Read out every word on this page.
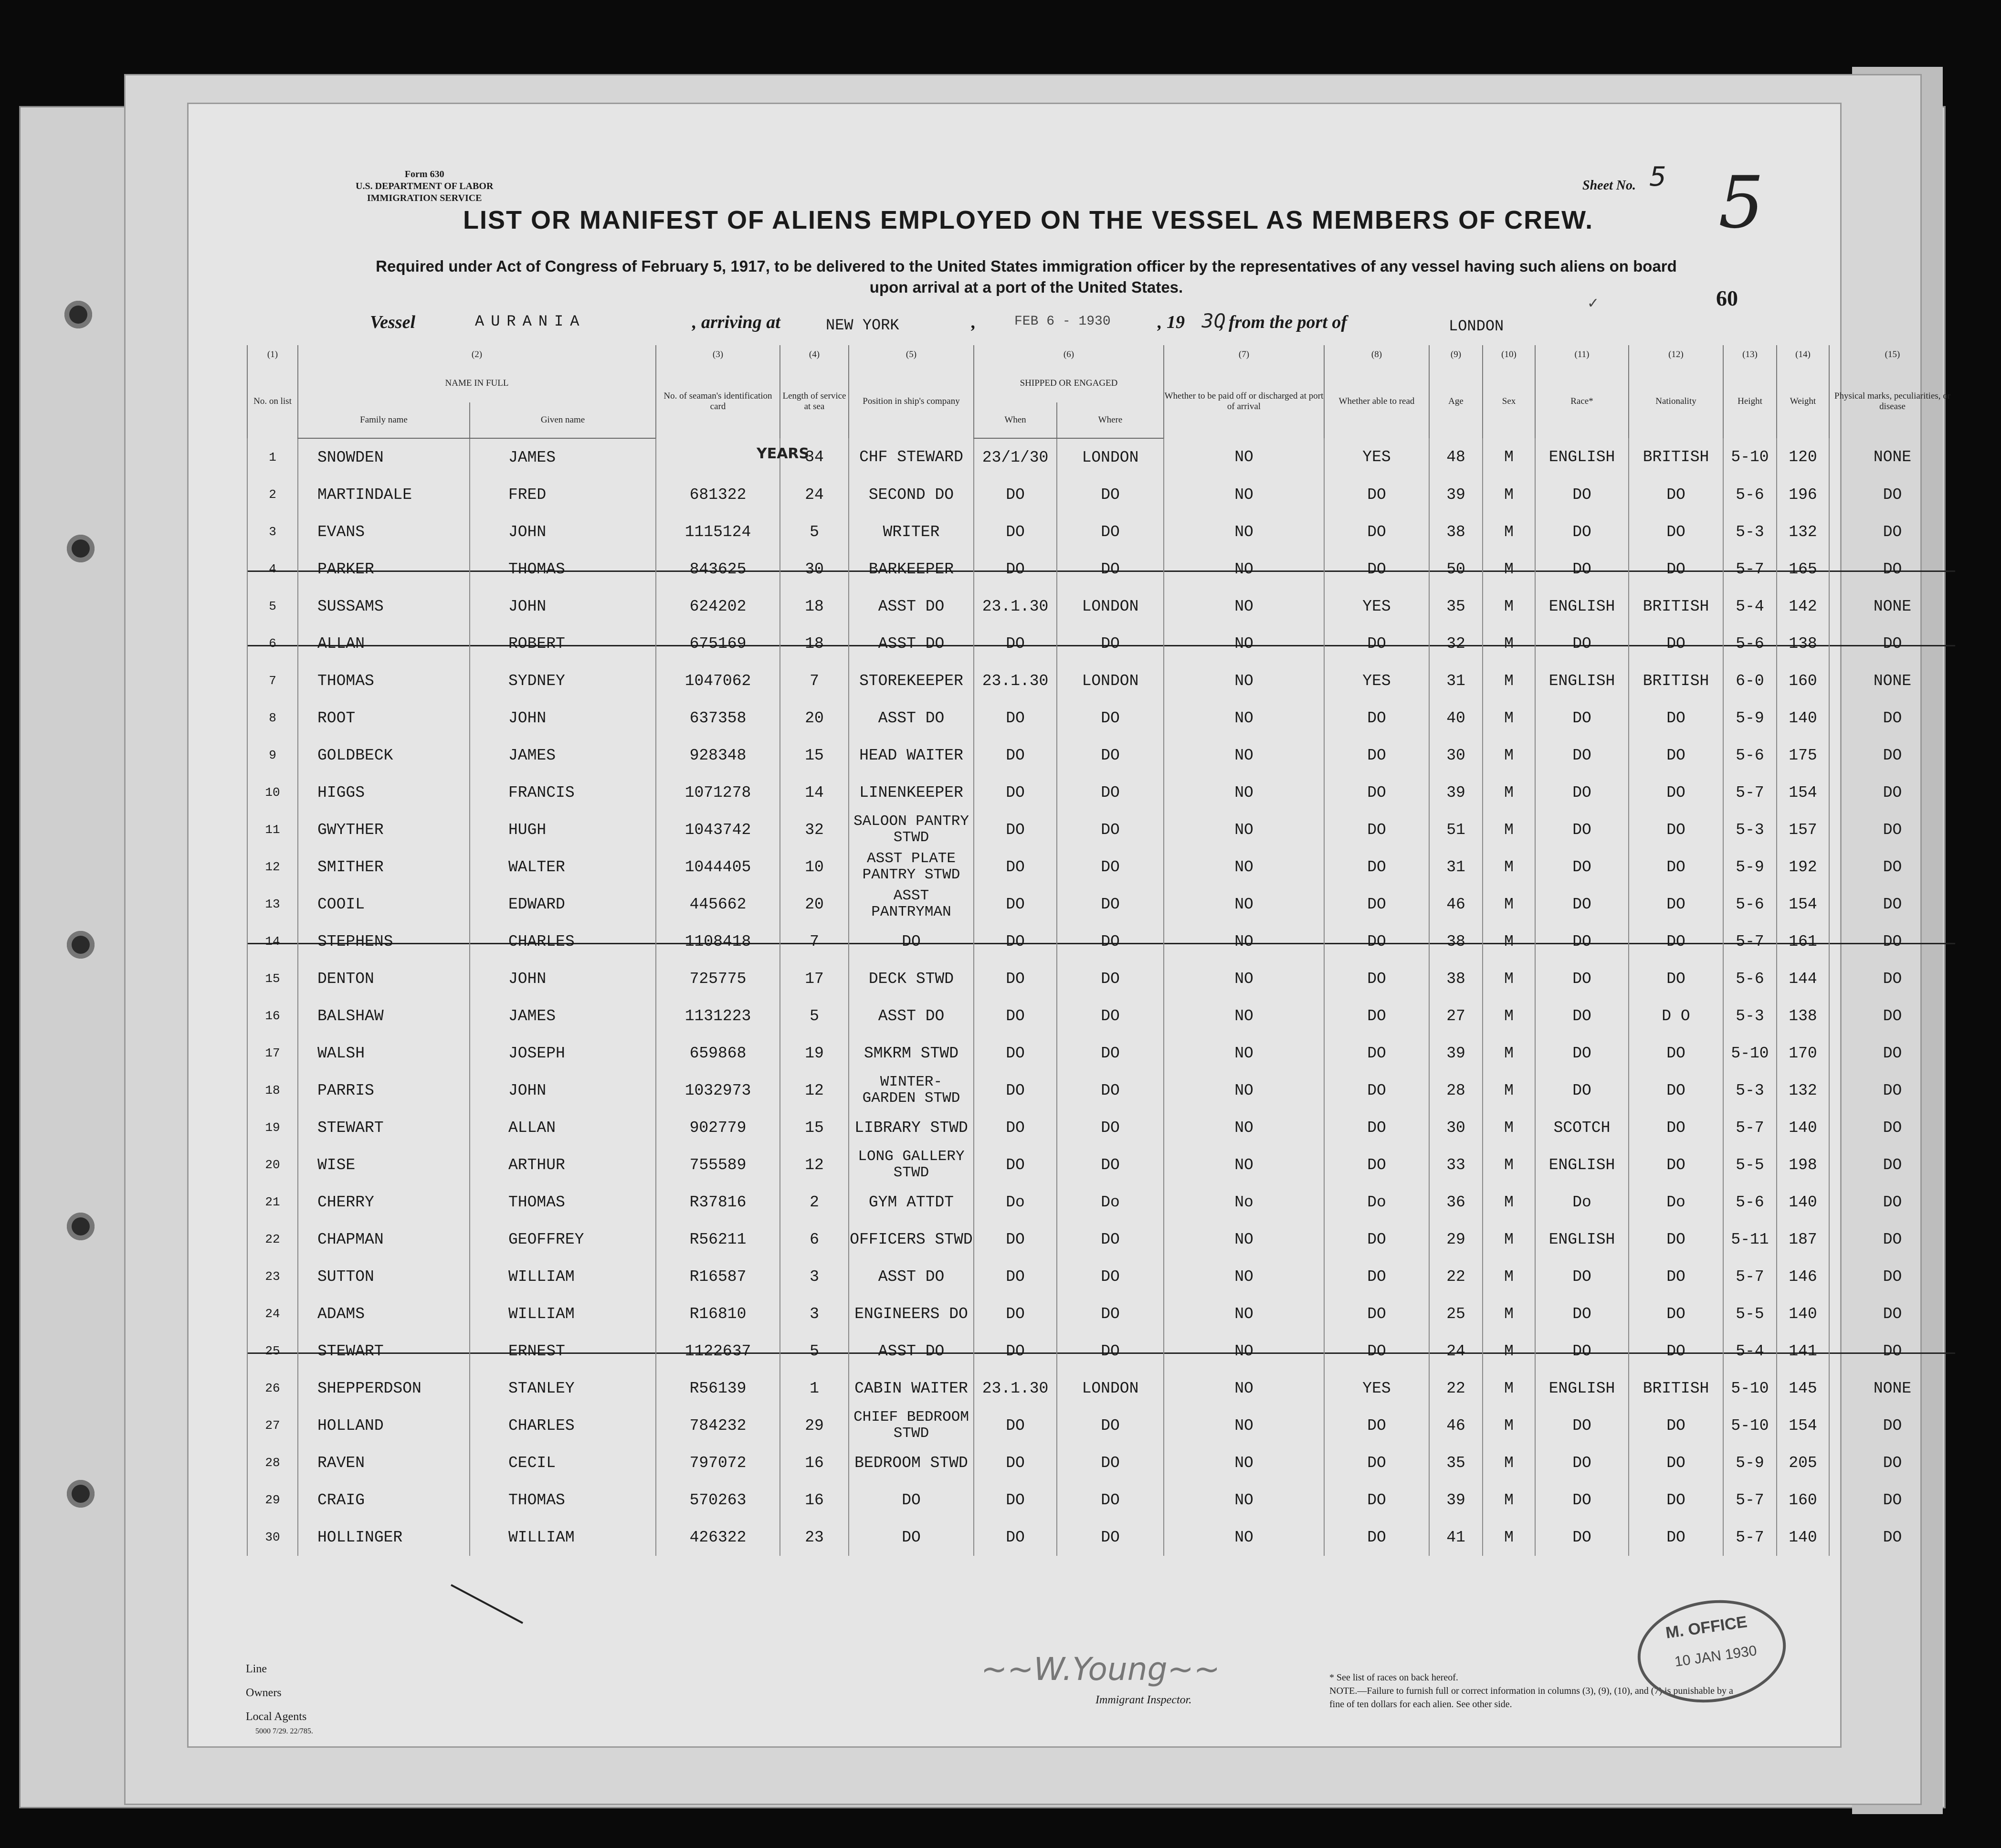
Form 630
U.S. DEPARTMENT OF LABOR
IMMIGRATION SERVICE
Sheet No. 5 5
LIST OR MANIFEST OF ALIENS EMPLOYED ON THE VESSEL AS MEMBERS OF CREW.
Required under Act of Congress of February 5, 1917, to be delivered to the United States immigration officer by the representatives of any vessel having such aliens on board upon arrival at a port of the United States.	60
Vessel	AURANIA	, arriving at	NEW YORK	,	FEB 6 - 1930	, 19 30
, from the port of	LONDON
✓
(1)	(2)		(3)	(4)	(5)	(6)		(7)	(8)	(9)	(10)	(11)	(12)	(13)	(14)	(15)
No. on list	NAME IN FULL		No. of seaman's identification card	Length of service at sea	Position in ship's company	SHIPPED OR ENGAGED		Whether to be paid off or discharged at port of arrival	Whether able to read	Age	Sex	Race*	Nationality	Height	Weight	Physical marks, peculiarities, or disease
	Family name	Given name				When	Where									
1	SNOWDEN	JAMES		34	CHF STEWARD	23/1/30	LONDON	NO	YES	48	M	ENGLISH	BRITISH	5-10	120	NONE
2	MARTINDALE	FRED	681322	24	SECOND DO	DO	DO	NO	DO	39	M	DO	DO	5-6	196	DO
3	EVANS	JOHN	1115124	5	WRITER	DO	DO	NO	DO	38	M	DO	DO	5-3	132	DO
4	PARKER	THOMAS	843625	30	BARKEEPER	DO	DO	NO	DO	50	M	DO	DO	5-7	165	DO
5	SUSSAMS	JOHN	624202	18	ASST DO	23.1.30	LONDON	NO	YES	35	M	ENGLISH	BRITISH	5-4	142	NONE
6	ALLAN	ROBERT	675169	18	ASST DO	DO	DO	NO	DO	32	M	DO	DO	5-6	138	DO
7	THOMAS	SYDNEY	1047062	7	STOREKEEPER	23.1.30	LONDON	NO	YES	31	M	ENGLISH	BRITISH	6-0	160	NONE
8	ROOT	JOHN	637358	20	ASST DO	DO	DO	NO	DO	40	M	DO	DO	5-9	140	DO
9	GOLDBECK	JAMES	928348	15	HEAD WAITER	DO	DO	NO	DO	30	M	DO	DO	5-6	175	DO
10	HIGGS	FRANCIS	1071278	14	LINENKEEPER	DO	DO	NO	DO	39	M	DO	DO	5-7	154	DO
11	GWYTHER	HUGH	1043742	32	SALOON PANTRY STWD	DO	DO	NO	DO	51	M	DO	DO	5-3	157	DO
12	SMITHER	WALTER	1044405	10	ASST PLATE PANTRY STWD	DO	DO	NO	DO	31	M	DO	DO	5-9	192	DO
13	COOIL	EDWARD	445662	20	ASST PANTRYMAN	DO	DO	NO	DO	46	M	DO	DO	5-6	154	DO
14	STEPHENS	CHARLES	1108418	7	DO	DO	DO	NO	DO	38	M	DO	DO	5-7	161	DO
15	DENTON	JOHN	725775	17	DECK STWD	DO	DO	NO	DO	38	M	DO	DO	5-6	144	DO
16	BALSHAW	JAMES	1131223	5	ASST DO	DO	DO	NO	DO	27	M	DO	D O	5-3	138	DO
17	WALSH	JOSEPH	659868	19	SMKRM STWD	DO	DO	NO	DO	39	M	DO	DO	5-10	170	DO
18	PARRIS	JOHN	1032973	12	WINTER- GARDEN STWD	DO	DO	NO	DO	28	M	DO	DO	5-3	132	DO
19	STEWART	ALLAN	902779	15	LIBRARY STWD	DO	DO	NO	DO	30	M	SCOTCH	DO	5-7	140	DO
20	WISE	ARTHUR	755589	12	LONG GALLERY STWD	DO	DO	NO	DO	33	M	ENGLISH	DO	5-5	198	DO
21	CHERRY	THOMAS	R37816	2	GYM ATTDT	Do	Do	No	Do	36	M	Do	Do	5-6	140	DO
22	CHAPMAN	GEOFFREY	R56211	6	OFFICERS STWD	DO	DO	NO	DO	29	M	ENGLISH	DO	5-11	187	DO
23	SUTTON	WILLIAM	R16587	3	ASST DO	DO	DO	NO	DO	22	M	DO	DO	5-7	146	DO
24	ADAMS	WILLIAM	R16810	3	ENGINEERS DO	DO	DO	NO	DO	25	M	DO	DO	5-5	140	DO
25	STEWART	ERNEST	1122637	5	ASST DO	DO	DO	NO	DO	24	M	DO	DO	5-4	141	DO
26	SHEPPERDSON	STANLEY	R56139	1	CABIN WAITER	23.1.30	LONDON	NO	YES	22	M	ENGLISH	BRITISH	5-10	145	NONE
27	HOLLAND	CHARLES	784232	29	CHIEF BEDROOM STWD	DO	DO	NO	DO	46	M	DO	DO	5-10	154	DO
28	RAVEN	CECIL	797072	16	BEDROOM STWD	DO	DO	NO	DO	35	M	DO	DO	5-9	205	DO
29	CRAIG	THOMAS	570263	16	DO	DO	DO	NO	DO	39	M	DO	DO	5-7	160	DO
30	HOLLINGER	WILLIAM	426322	23	DO	DO	DO	NO	DO	41	M	DO	DO	5-7	140	DO
YEARS
Line
Owners
Local Agents
5000 7/29. 22/785.
~~W.Young~~
Immigrant Inspector.
* See list of races on back hereof.
NOTE.—Failure to furnish full or correct information in columns (3), (9), (10), and (7) is punishable by a fine of ten dollars for each alien. See other side.
M. OFFICE
10 JAN 1930
